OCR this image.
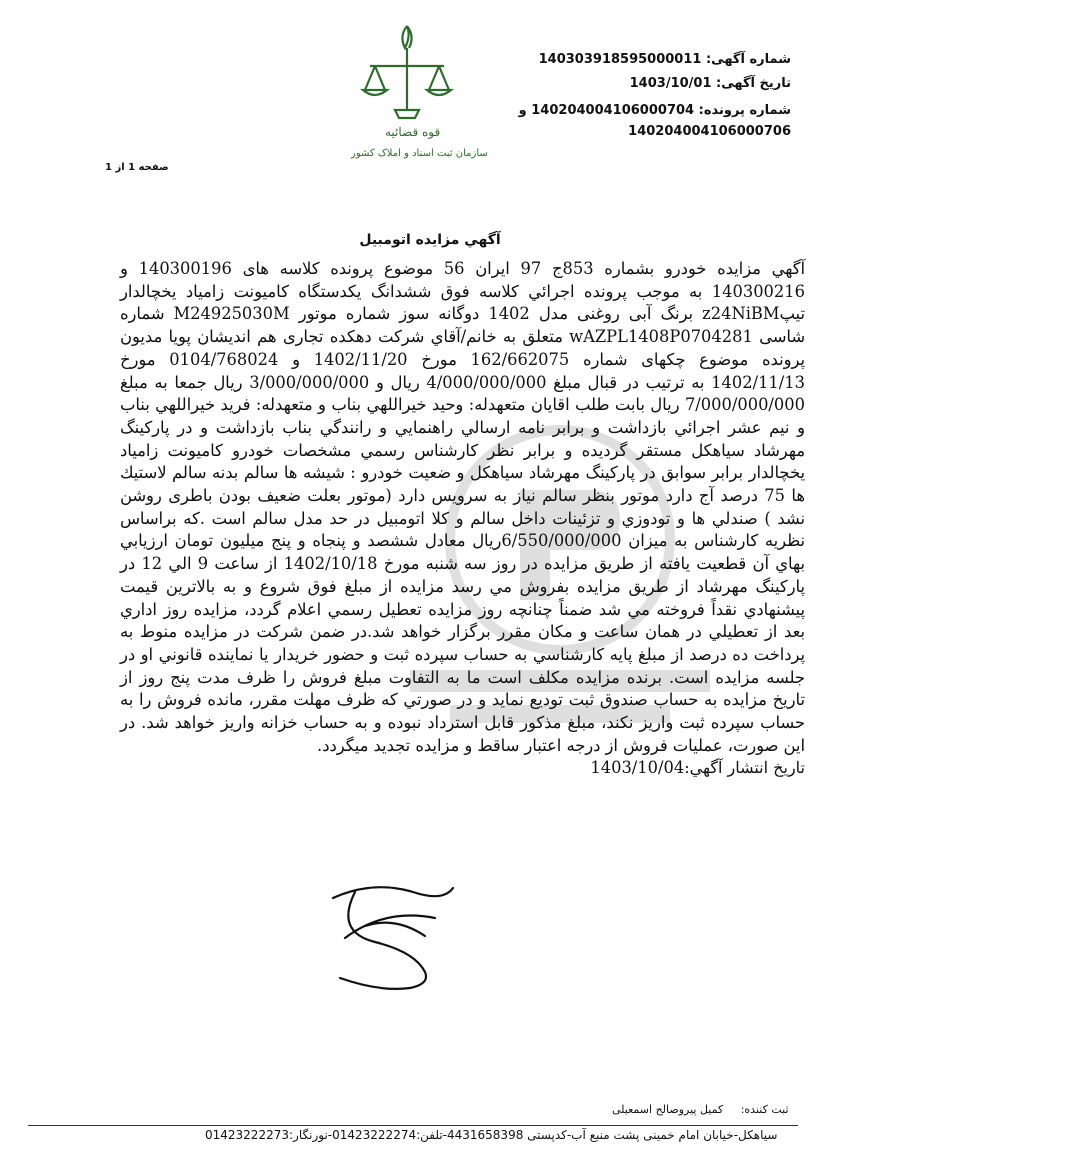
شماره آگهی: 140303918595000011
تاریخ آگهی: 1403/10/01
شماره پرونده: 140204004106000704 و
140204004106000706
قوه قضائیه
سازمان ثبت اسناد و املاک کشور
صفحه 1 از 1
آگهي مزايده اتومبيل

آگهي مزايده خودرو بشماره 853ج 97 ايران 56 موضوع پرونده كلاسه هاى 140300196 و 140300216 به موجب پرونده اجرائي كلاسه فوق ششدانگ يكدستگاه كاميونت زامياد يخچالدار تيپz24NiBM برنگ آبى روغنى مدل 1402 دوگانه سوز شماره موتور M24925030M شماره شاسى wAZPL1408P0704281 متعلق به خانم/آقاي شركت دهكده تجارى هم انديشان پويا مديون پرونده موضوع چكهاى شماره 162/662075 مورخ 1402/11/20 و 0104/768024 مورخ 1402/11/13 به ترتيب در قبال مبلغ 4/000/000/000 ريال و 3/000/000/000 ريال جمعا به مبلغ 7/000/000/000 ريال بابت طلب اقايان متعهدله: وحيد خيراللهي بناب و متعهدله: فريد خيراللهي بناب و نيم عشر اجرائي بازداشت و برابر نامه ارسالي راهنمايي و رانندگي بناب بازداشت و در پاركينگ مهرشاد سياهكل مستقر گرديده و برابر نظر كارشناس رسمي مشخصات خودرو كاميونت زامياد يخچالدار برابر سوابق در پاركينگ مهرشاد سياهكل و ضعيت خودرو : شيشه ها سالم بدنه سالم لاستيك ها 75 درصد آج دارد موتور بنظر سالم نياز به سرويس دارد (موتور بعلت ضعيف بودن باطرى روشن نشد ) صندلي ها و تودوزي و تزئينات داخل سالم و كلا اتومبيل در حد مدل سالم است .كه براساس نظريه كارشناس به ميزان 6/550/000/000ريال معادل ششصد و پنجاه و پنج ميليون تومان ارزيابي بهاي آن قطعيت يافته از طريق مزايده در روز سه شنبه مورخ 1402/10/18 از ساعت 9 الي 12 در پاركينگ مهرشاد از طريق مزايده بفروش مي رسد مزايده از مبلغ فوق شروع و به بالاترين قيمت پيشنهادي نقداً فروخته مي شد ضمناً چنانچه روز مزايده تعطيل رسمي اعلام گردد، مزايده روز اداري بعد از تعطيلي در همان ساعت و مكان مقرر برگزار خواهد شد.در ضمن شركت در مزايده منوط به پرداخت ده درصد از مبلغ پايه كارشناسي به حساب سپرده ثبت و حضور خريدار يا نماينده قانوني او در جلسه مزايده است. برنده مزايده مكلف است ما به التفاوت مبلغ فروش را ظرف مدت پنج روز از تاريخ مزايده به حساب صندوق ثبت توديع نمايد و در صورتي كه ظرف مهلت مقرر، مانده فروش را به حساب سپرده ثبت واريز نكند، مبلغ مذكور قابل استرداد نبوده و به حساب خزانه واريز خواهد شد. در اين صورت، عمليات فروش از درجه اعتبار ساقط و مزايده تجديد ميگردد.

تاريخ انتشار آگهي:1403/10/04

ثبت كننده:     كمیل پیروصالح اسمعیلی
سیاهکل-خیابان امام خمینی پشت منبع آب-کدپستی 4431658398-تلفن:01423222274-نورنگار:01423222273
